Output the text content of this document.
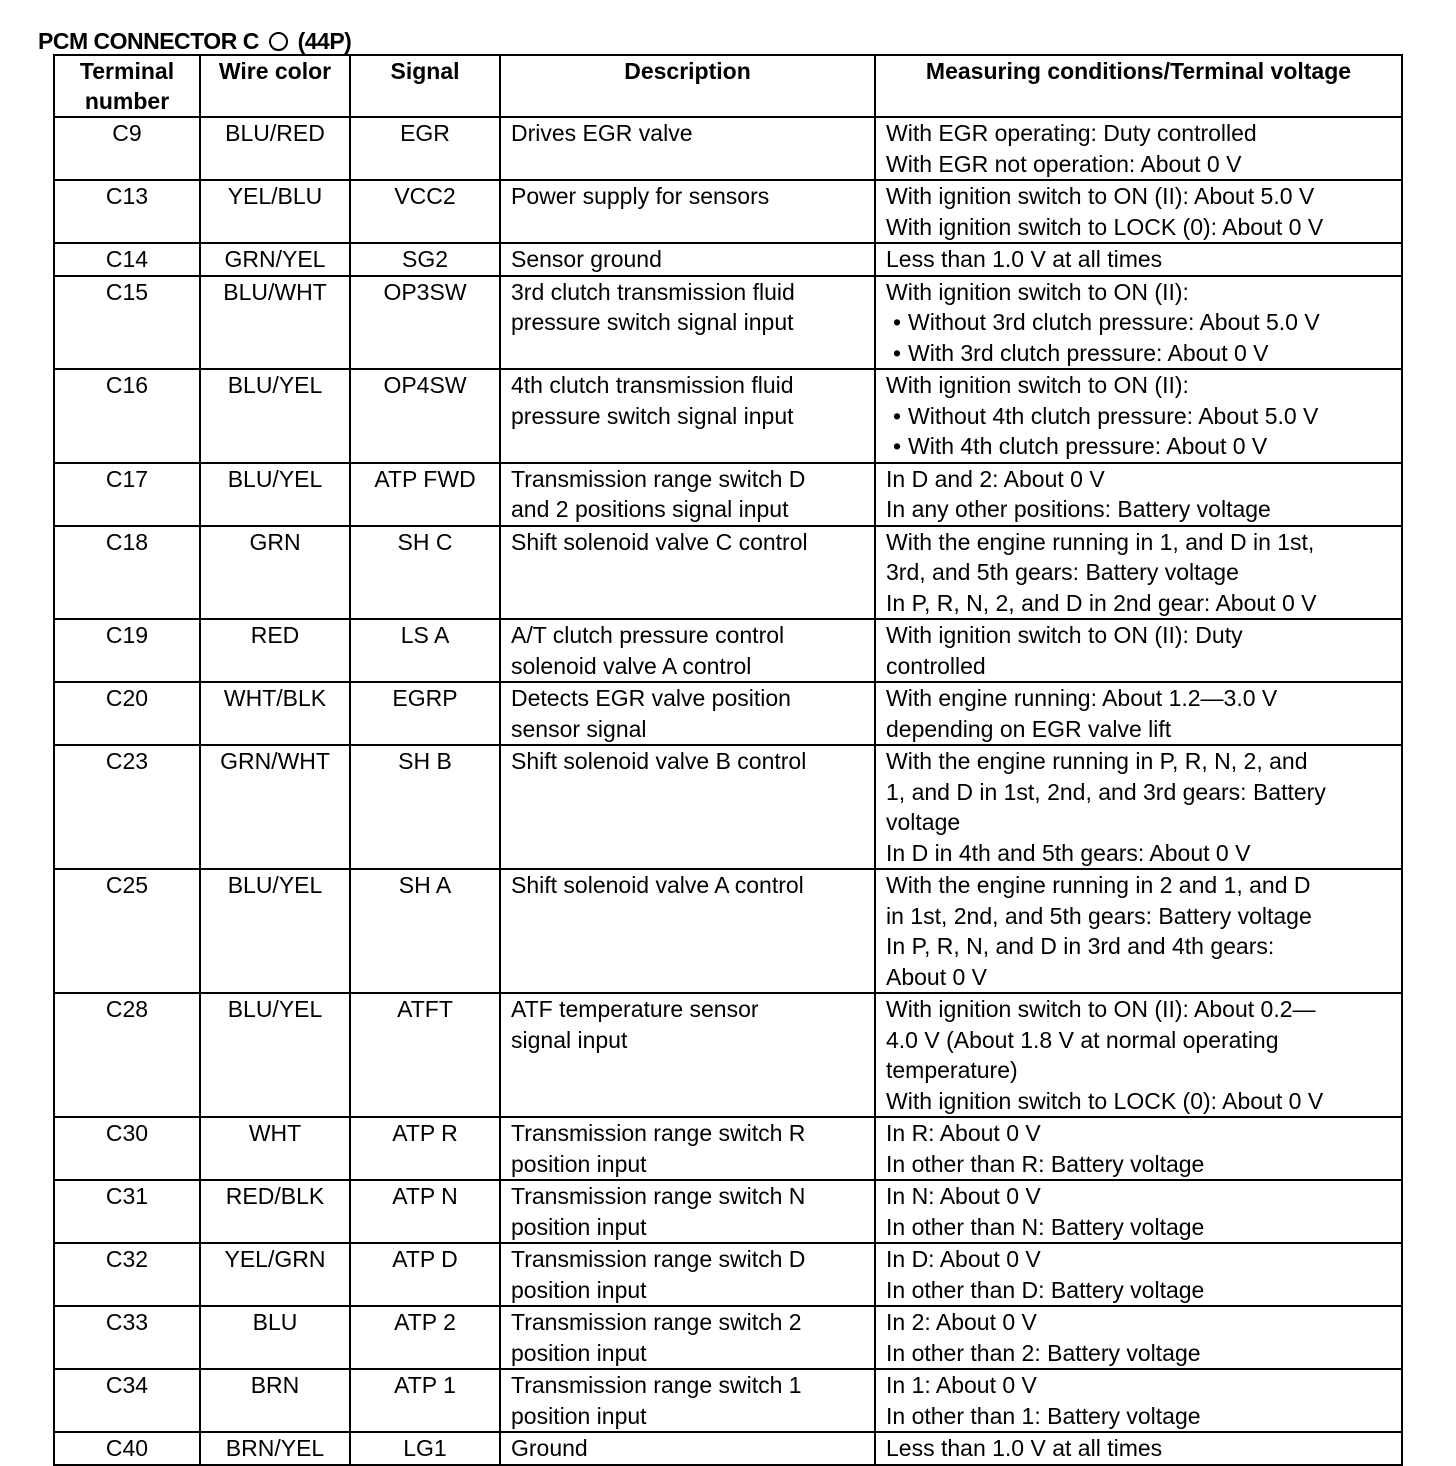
PCM CONNECTOR C (44P)
Terminal number	Wire color	Signal	Description	Measuring conditions/Terminal voltage

C9	BLU/RED	EGR	Drives EGR valve	With EGR operating: Duty controlled
With EGR not operation: About 0 V

C13	YEL/BLU	VCC2	Power supply for sensors	With ignition switch to ON (II): About 5.0 V
With ignition switch to LOCK (0): About 0 V

C14	GRN/YEL	SG2	Sensor ground	Less than 1.0 V at all times

C15	BLU/WHT	OP3SW	3rd clutch transmission fluid
pressure switch signal input	With ignition switch to ON (II):
• Without 3rd clutch pressure: About 5.0 V
• With 3rd clutch pressure: About 0 V

C16	BLU/YEL	OP4SW	4th clutch transmission fluid
pressure switch signal input	With ignition switch to ON (II):
• Without 4th clutch pressure: About 5.0 V
• With 4th clutch pressure: About 0 V

C17	BLU/YEL	ATP FWD	Transmission range switch D
and 2 positions signal input	In D and 2: About 0 V
In any other positions: Battery voltage

C18	GRN	SH C	Shift solenoid valve C control	With the engine running in 1, and D in 1st,
3rd, and 5th gears: Battery voltage
In P, R, N, 2, and D in 2nd gear: About 0 V

C19	RED	LS A	A/T clutch pressure control
solenoid valve A control	With ignition switch to ON (II): Duty
controlled

C20	WHT/BLK	EGRP	Detects EGR valve position
sensor signal	With engine running: About 1.2—3.0 V
depending on EGR valve lift

C23	GRN/WHT	SH B	Shift solenoid valve B control	With the engine running in P, R, N, 2, and
1, and D in 1st, 2nd, and 3rd gears: Battery
voltage
In D in 4th and 5th gears: About 0 V

C25	BLU/YEL	SH A	Shift solenoid valve A control	With the engine running in 2 and 1, and D
in 1st, 2nd, and 5th gears: Battery voltage
In P, R, N, and D in 3rd and 4th gears:
About 0 V

C28	BLU/YEL	ATFT	ATF temperature sensor
signal input	With ignition switch to ON (II): About 0.2—
4.0 V (About 1.8 V at normal operating
temperature)
With ignition switch to LOCK (0): About 0 V

C30	WHT	ATP R	Transmission range switch R
position input	In R: About 0 V
In other than R: Battery voltage

C31	RED/BLK	ATP N	Transmission range switch N
position input	In N: About 0 V
In other than N: Battery voltage

C32	YEL/GRN	ATP D	Transmission range switch D
position input	In D: About 0 V
In other than D: Battery voltage

C33	BLU	ATP 2	Transmission range switch 2
position input	In 2: About 0 V
In other than 2: Battery voltage

C34	BRN	ATP 1	Transmission range switch 1
position input	In 1: About 0 V
In other than 1: Battery voltage

C40	BRN/YEL	LG1	Ground	Less than 1.0 V at all times
